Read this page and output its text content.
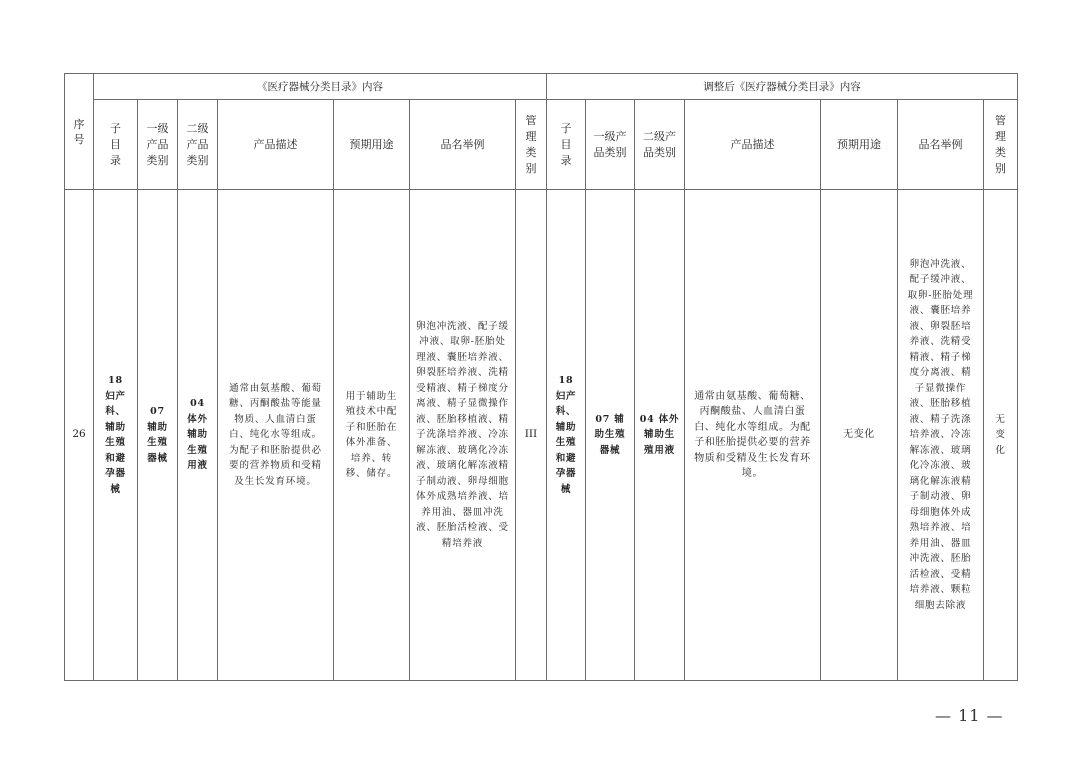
序号	《医疗器械分类目录》内容							调整后《医疗器械分类目录》内容						
	子目录	一级产品类别	二级产品类别	产品描述	预期用途	品名举例	管理类别	子目录	一级产品类别	二级产品类别	产品描述	预期用途	品名举例	管理类别
26	18 妇产科、辅助生殖和避孕器械	07 辅助生殖器械	04 体外辅助生殖用液	通常由氨基酸、葡萄糖、丙酮酸盐等能量物质、人血清白蛋白、纯化水等组成。为配子和胚胎提供必要的营养物质和受精及生长发育环境。	用于辅助生殖技术中配子和胚胎在体外准备、培养、转移、储存。	卵泡冲洗液、配子缓冲液、取卵-胚胎处理液、囊胚培养液、卵裂胚培养液、洗精受精液、精子梯度分离液、精子显微操作液、胚胎移植液、精子洗涤培养液、冷冻解冻液、玻璃化冷冻液、玻璃化解冻液精子制动液、卵母细胞体外成熟培养液、培养用油、器皿冲洗液、胚胎活检液、受精培养液	III	18 妇产科、辅助生殖和避孕器械	07 辅助生殖器械	04 体外辅助生殖用液	通常由氨基酸、葡萄糖、丙酮酸盐、人血清白蛋白、纯化水等组成。为配子和胚胎提供必要的营养物质和受精及生长发育环境。	无变化	卵泡冲洗液、配子缓冲液、取卵-胚胎处理液、囊胚培养液、卵裂胚培养液、洗精受精液、精子梯度分离液、精子显微操作液、胚胎移植液、精子洗涤培养液、冷冻解冻液、玻璃化冷冻液、玻璃化解冻液精子制动液、卵母细胞体外成熟培养液、培养用油、器皿冲洗液、胚胎活检液、受精培养液、颗粒细胞去除液	无变化
— 11 —
